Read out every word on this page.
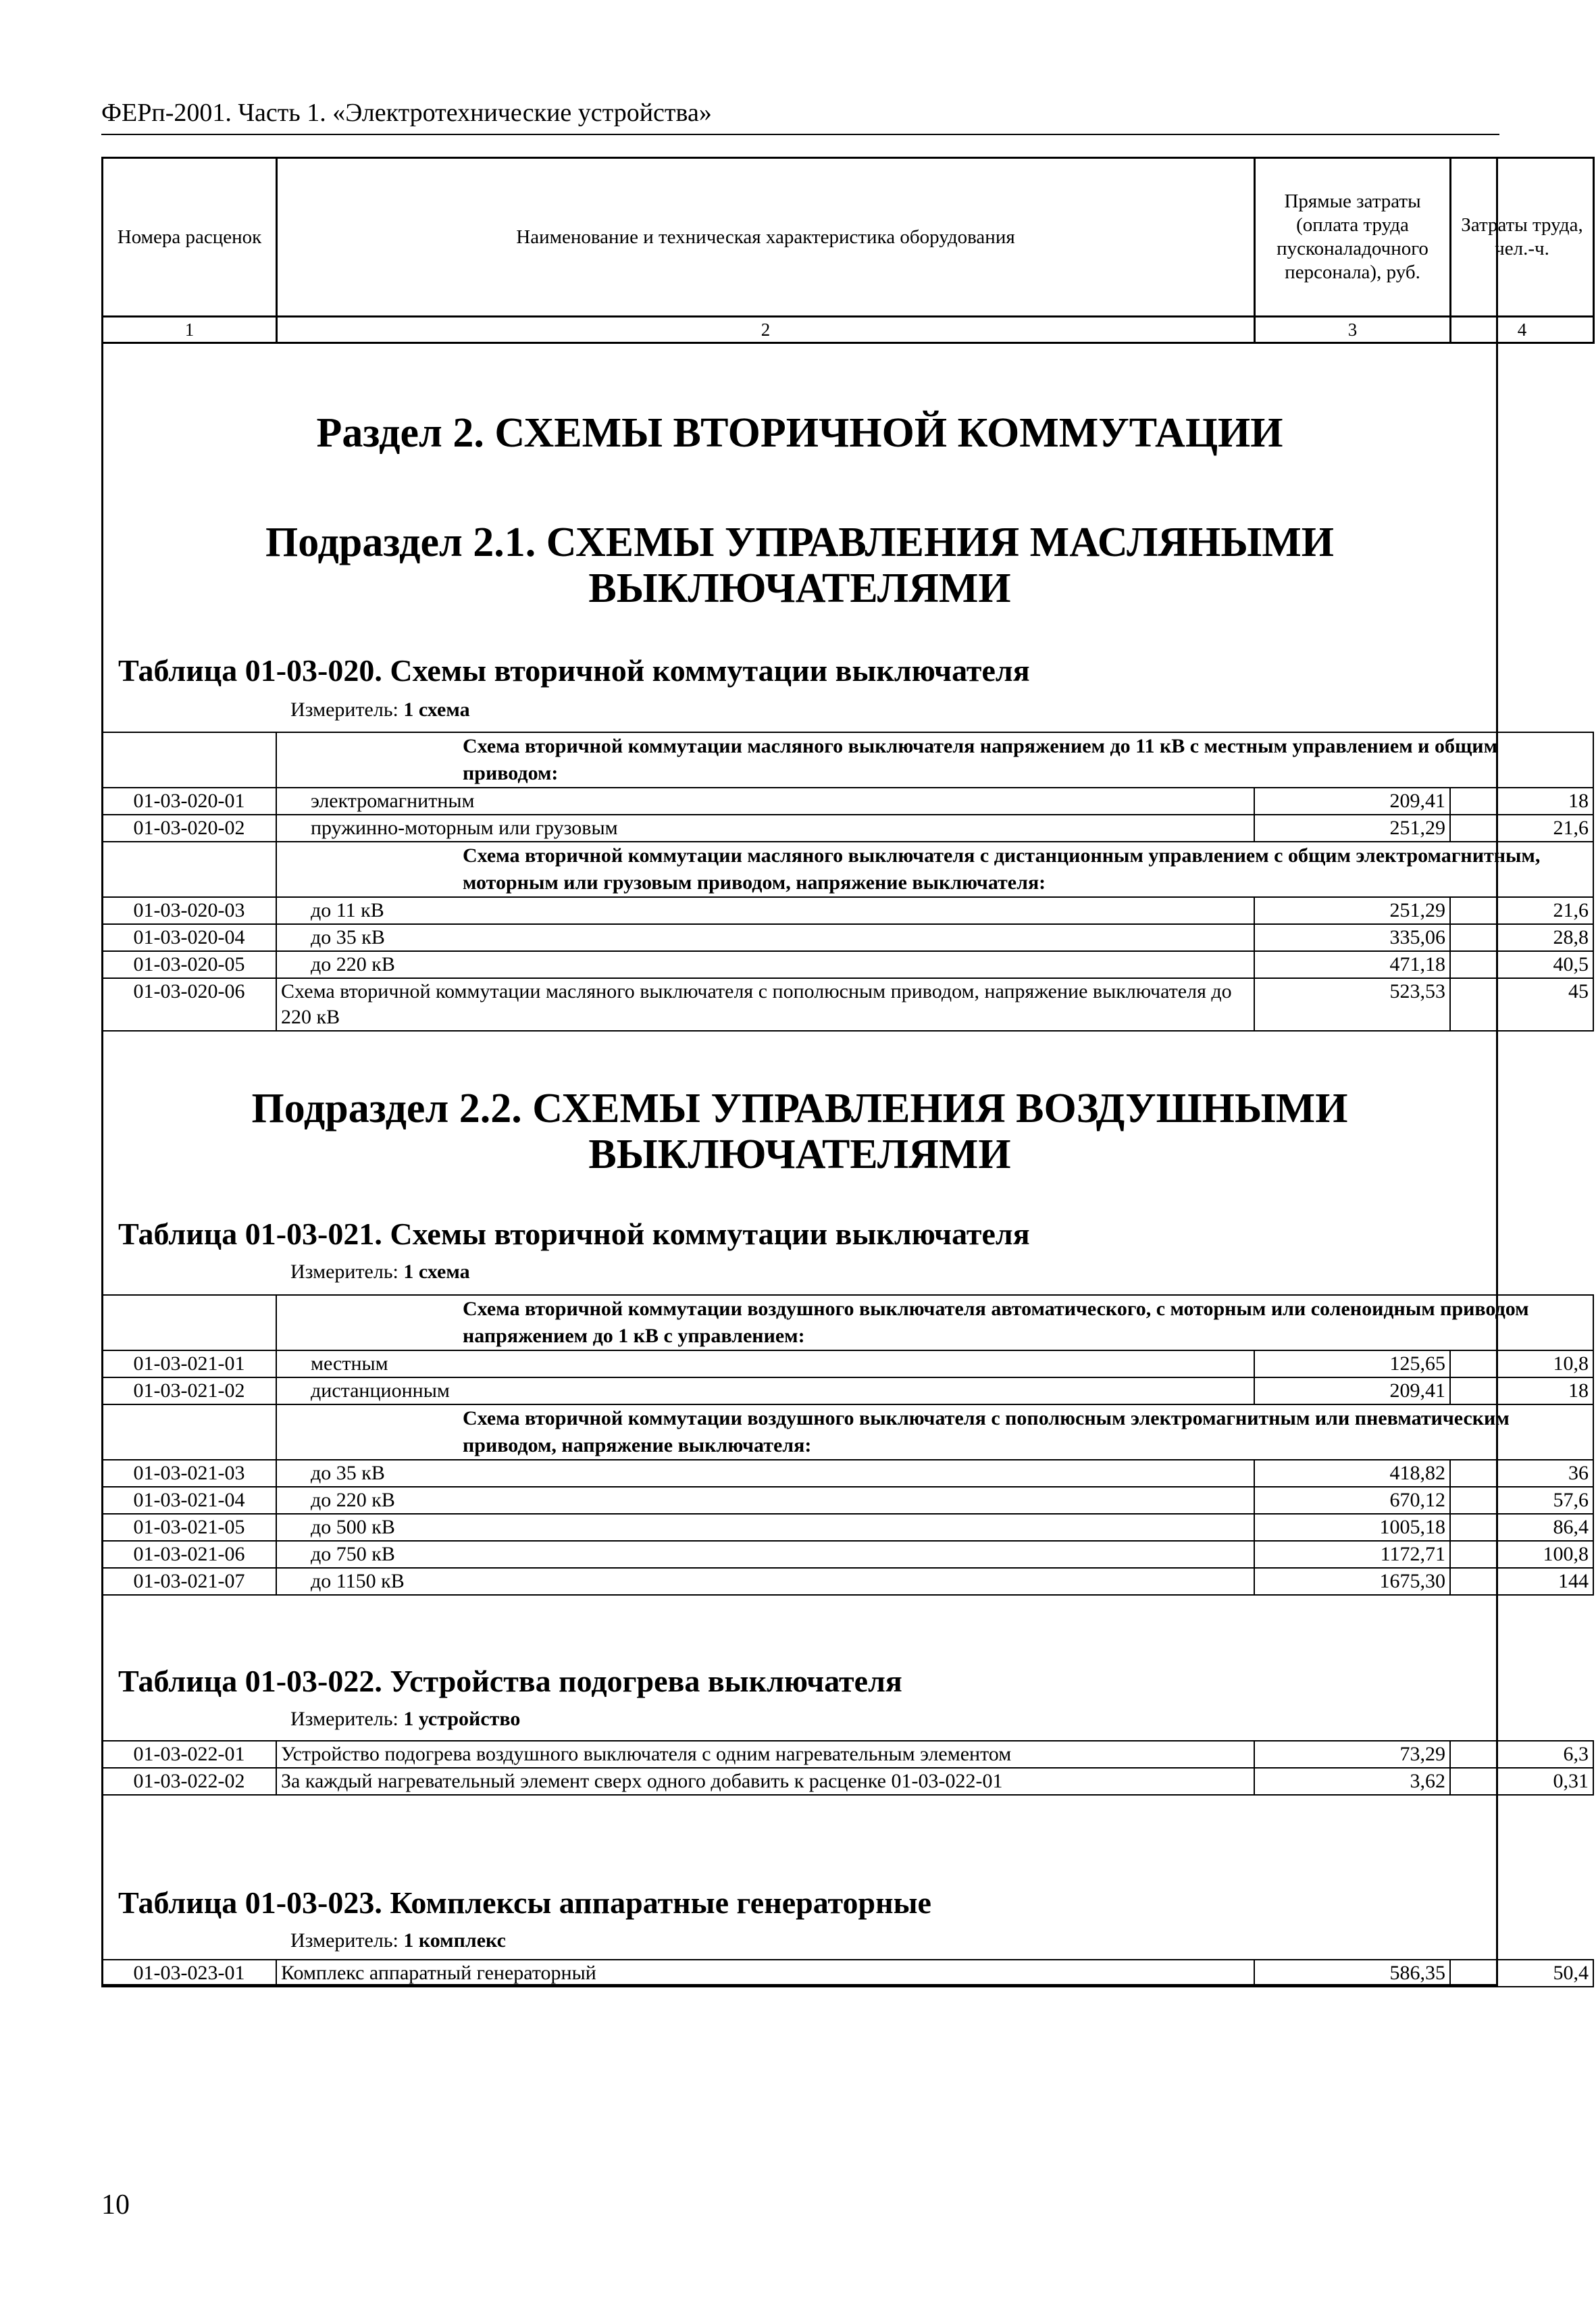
ФЕРп-2001. Часть 1. «Электротехнические устройства»
Номера расценок	Наименование и техническая характеристика оборудования	Прямые затраты (оплата труда пусконаладочного персонала), руб.	Затраты труда, чел.-ч.
1	2	3	4
Раздел 2. СХЕМЫ ВТОРИЧНОЙ КОММУТАЦИИ
Подраздел 2.1. СХЕМЫ УПРАВЛЕНИЯ МАСЛЯНЫМИ
ВЫКЛЮЧАТЕЛЯМИ
Таблица 01-03-020. Схемы вторичной коммутации выключателя
Измеритель: 1 схема

	Схема вторичной коммутации масляного выключателя напряжением до 11 кВ с местным управлением и общим приводом:		

01-03-020-01	электромагнитным	209,41	18
01-03-020-02	пружинно-моторным или грузовым	251,29	21,6

	Схема вторичной коммутации масляного выключателя с дистанционным управлением с общим электромагнитным, моторным или грузовым приводом, напряжение выключателя:		

01-03-020-03	до 11 кВ	251,29	21,6
01-03-020-04	до 35 кВ	335,06	28,8
01-03-020-05	до 220 кВ	471,18	40,5
01-03-020-06	Схема вторичной коммутации масляного выключателя с пополюсным приводом, напряжение выключателя до 220 кВ	523,53	45
Подраздел 2.2. СХЕМЫ УПРАВЛЕНИЯ ВОЗДУШНЫМИ
ВЫКЛЮЧАТЕЛЯМИ
Таблица 01-03-021. Схемы вторичной коммутации выключателя
Измеритель: 1 схема

	Схема вторичной коммутации воздушного выключателя автоматического, с моторным или соленоидным приводом напряжением до 1 кВ с управлением:		

01-03-021-01	местным	125,65	10,8
01-03-021-02	дистанционным	209,41	18

	Схема вторичной коммутации воздушного выключателя с пополюсным электромагнитным или пневматическим приводом, напряжение выключателя:		

01-03-021-03	до 35 кВ	418,82	36
01-03-021-04	до 220 кВ	670,12	57,6
01-03-021-05	до 500 кВ	1005,18	86,4
01-03-021-06	до 750 кВ	1172,71	100,8
01-03-021-07	до 1150 кВ	1675,30	144
Таблица 01-03-022. Устройства подогрева выключателя
Измеритель: 1 устройство
01-03-022-01	Устройство подогрева воздушного выключателя с одним нагревательным элементом	73,29	6,3
01-03-022-02	За каждый нагревательный элемент сверх одного добавить к расценке 01-03-022-01	3,62	0,31
Таблица 01-03-023. Комплексы аппаратные генераторные
Измеритель: 1 комплекс
01-03-023-01	Комплекс аппаратный генераторный	586,35	50,4
10
